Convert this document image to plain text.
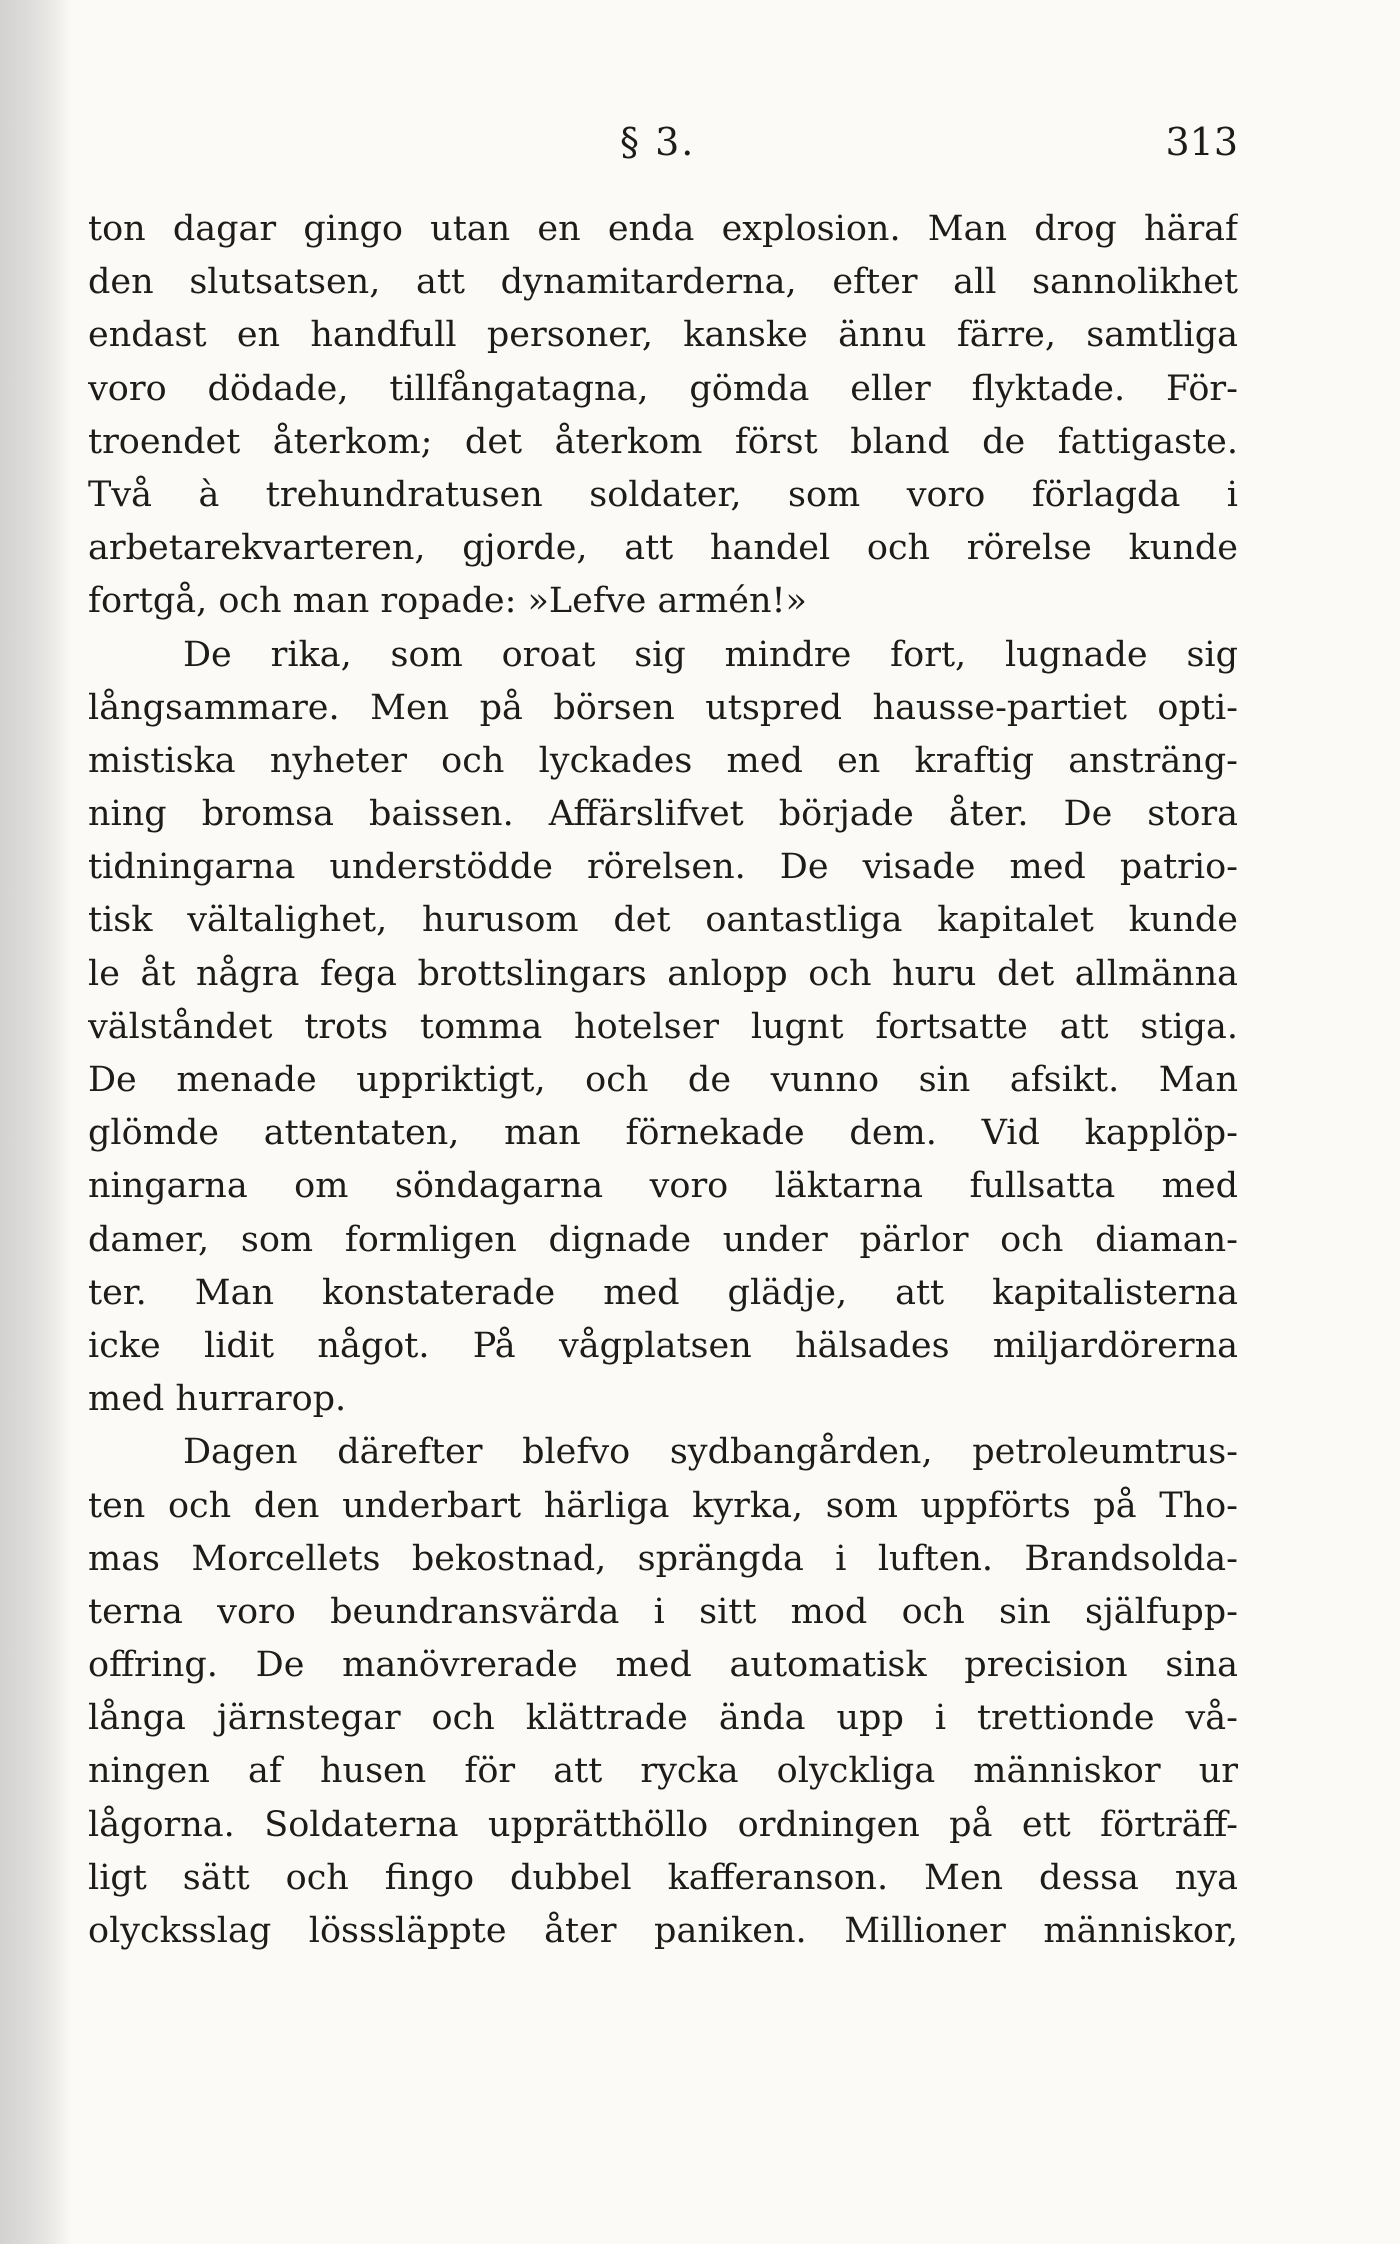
§ 3.	313
ton dagar gingo utan en enda explosion. Man drog häraf
den slutsatsen, att dynamitarderna, efter all sannolikhet
endast en handfull personer, kanske ännu färre, samtliga
voro dödade, tillfångatagna, gömda eller flyktade. För-
troendet återkom; det återkom först bland de fattigaste.
Två à trehundratusen soldater, som voro förlagda i
arbetarekvarteren, gjorde, att handel och rörelse kunde
fortgå, och man ropade: »Lefve armén!»
De rika, som oroat sig mindre fort, lugnade sig
långsammare. Men på börsen utspred hausse-partiet opti-
mistiska nyheter och lyckades med en kraftig ansträng-
ning bromsa baissen. Affärslifvet började åter. De stora
tidningarna understödde rörelsen. De visade med patrio-
tisk vältalighet, hurusom det oantastliga kapitalet kunde
le åt några fega brottslingars anlopp och huru det allmänna
välståndet trots tomma hotelser lugnt fortsatte att stiga.
De menade uppriktigt, och de vunno sin afsikt. Man
glömde attentaten, man förnekade dem. Vid kapplöp-
ningarna om söndagarna voro läktarna fullsatta med
damer, som formligen dignade under pärlor och diaman-
ter. Man konstaterade med glädje, att kapitalisterna
icke lidit något. På vågplatsen hälsades miljardörerna
med hurrarop.
Dagen därefter blefvo sydbangården, petroleumtrus-
ten och den underbart härliga kyrka, som uppförts på Tho-
mas Morcellets bekostnad, sprängda i luften. Brandsolda-
terna voro beundransvärda i sitt mod och sin själfupp-
offring. De manövrerade med automatisk precision sina
långa järnstegar och klättrade ända upp i trettionde vå-
ningen af husen för att rycka olyckliga människor ur
lågorna. Soldaterna upprätthöllo ordningen på ett förträff-
ligt sätt och fingo dubbel kafferanson. Men dessa nya
olycksslag lösssläppte åter paniken. Millioner människor,
